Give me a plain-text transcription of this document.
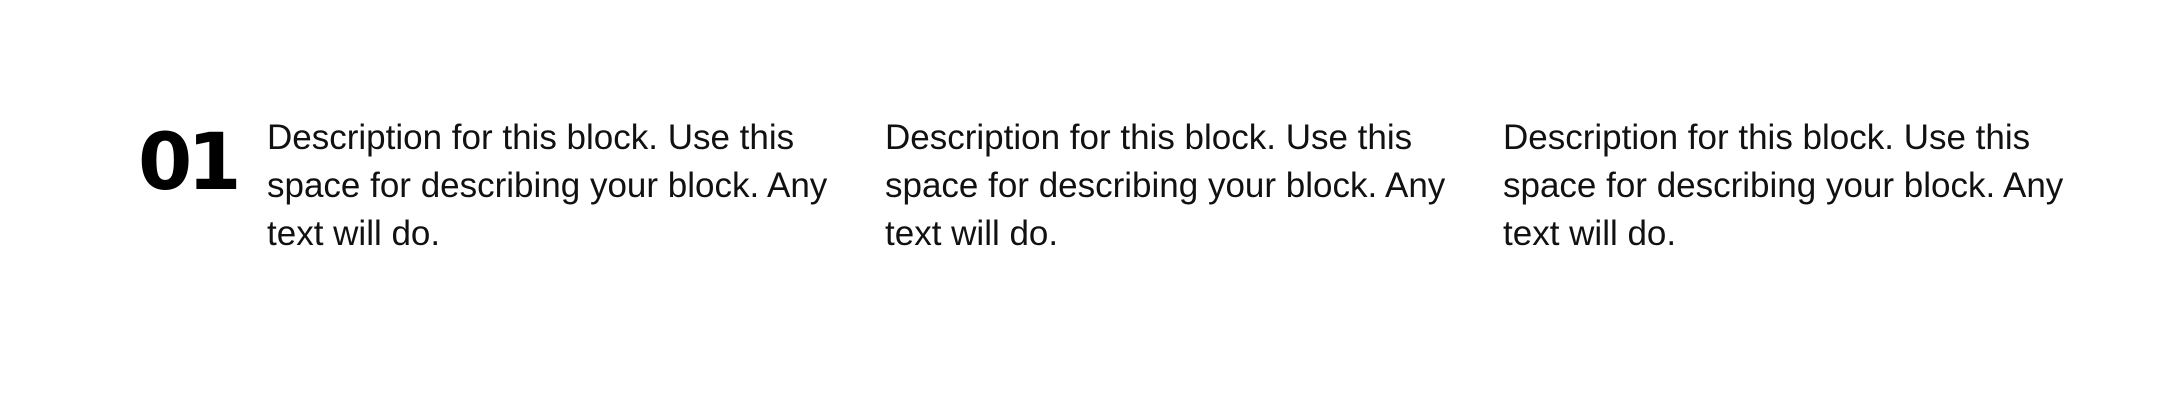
01 Description for this block. Use this space for describing your block. Any text will do.
Description for this block. Use this space for describing your block. Any text will do.
Description for this block. Use this space for describing your block. Any text will do.
